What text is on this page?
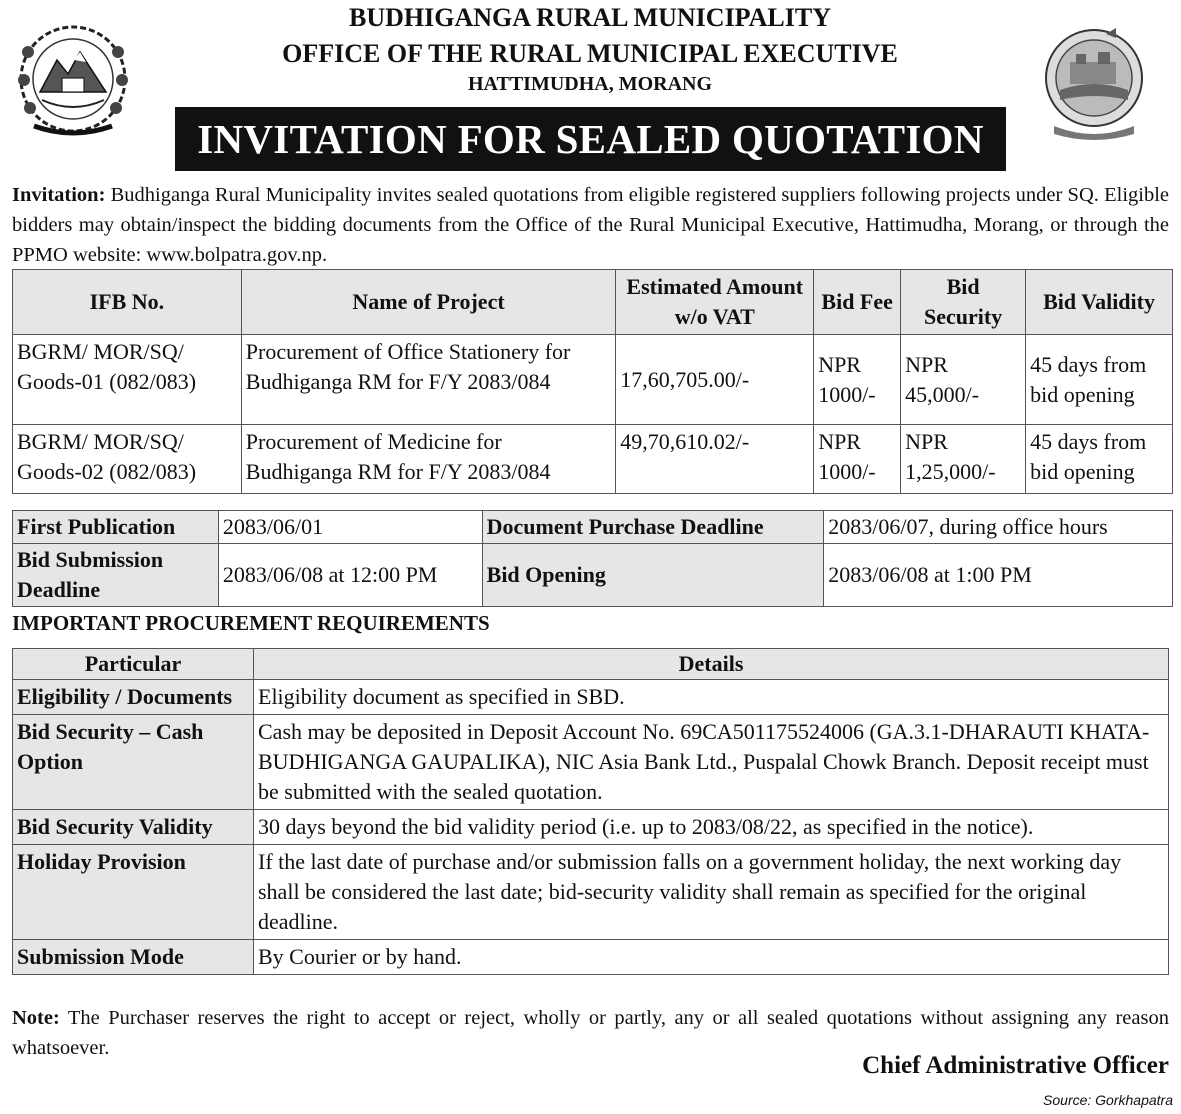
BUDHIGANGA RURAL MUNICIPALITY
OFFICE OF THE RURAL MUNICIPAL EXECUTIVE
HATTIMUDHA, MORANG
INVITATION FOR SEALED QUOTATION
Invitation: Budhiganga Rural Municipality invites sealed quotations from eligible registered suppliers following projects under SQ. Eligible bidders may obtain/inspect the bidding documents from the Office of the Rural Municipal Executive, Hattimudha, Morang, or through the PPMO website: www.bolpatra.gov.np.
IFB No.	Name of Project	Estimated Amount w/o VAT	Bid Fee	Bid Security	Bid Validity
BGRM/ MOR/SQ/ Goods-01 (082/083)	Procurement of Office Stationery for Budhiganga RM for F/Y 2083/084	17,60,705.00/-	NPR 1000/-	NPR 45,000/-	45 days from bid opening
BGRM/ MOR/SQ/ Goods-02 (082/083)	Procurement of Medicine for Budhiganga RM for F/Y 2083/084	49,70,610.02/-	NPR 1000/-	NPR 1,25,000/-	45 days from bid opening
First Publication	2083/06/01	Document Purchase Deadline	2083/06/07, during office hours
Bid Submission Deadline	2083/06/08 at 12:00 PM	Bid Opening	2083/06/08 at 1:00 PM
IMPORTANT PROCUREMENT REQUIREMENTS
Particular	Details
Eligibility / Documents	Eligibility document as specified in SBD.
Bid Security – Cash Option	Cash may be deposited in Deposit Account No. 69CA501175524006 (GA.3.1-DHARAUTI KHATA-BUDHIGANGA GAUPALIKA), NIC Asia Bank Ltd., Puspalal Chowk Branch. Deposit receipt must be submitted with the sealed quotation.
Bid Security Validity	30 days beyond the bid validity period (i.e. up to 2083/08/22, as specified in the notice).
Holiday Provision	If the last date of purchase and/or submission falls on a government holiday, the next working day shall be considered the last date; bid-security validity shall remain as specified for the original deadline.
Submission Mode	By Courier or by hand.
Note: The Purchaser reserves the right to accept or reject, wholly or partly, any or all sealed quotations without assigning any reason whatsoever.
Chief Administrative Officer
Source: Gorkhapatra
